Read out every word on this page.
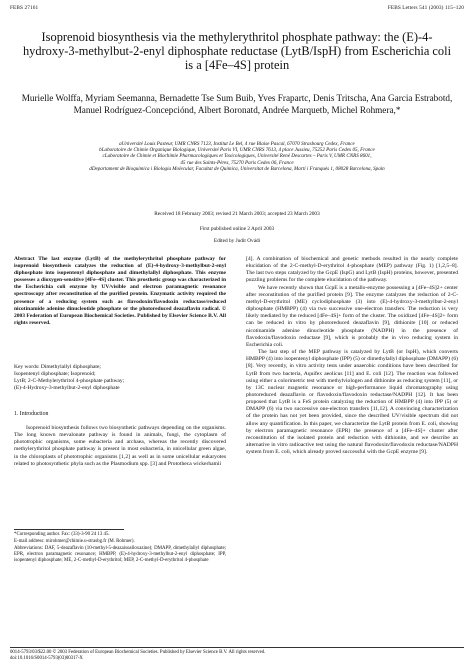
FEBS 27161	FEBS Letters 541 (2003) 115–120
Isoprenoid biosynthesis via the methylerythritol phosphate pathway: the (E)-4-hydroxy-3-methylbut-2-enyl diphosphate reductase (LytB/IspH) from Escherichia coli is a [4Fe–4S] protein
Murielle Wolffa, Myriam Seemanna, Bernadette Tse Sum Buib, Yves Frapartc, Denis Tritscha, Ana Garcia Estrabotd, Manuel Rodríguez-Concepciónd, Albert Boronatd, Andrée Marquetb, Michel Rohmera,*
aUniversité Louis Pasteur, UMR CNRS 7123, Institut Le Bel, 4 rue Blaise Pascal, 67070 Strasbourg Cedex, France
bLaboratoire de Chimie Organique Biologique, Université Paris VI, UMR CNRS 7613, 4 place Jussieu, 75252 Paris Cedex 05, France
cLaboratoire de Chimie et Biochimie Pharmacologiques et Toxicologiques, Université René Descartes – Paris V, UMR CNRS 8601,
45 rue des Saints-Pères, 75270 Paris Cedex 06, France
dDepartament de Bioquímica i Biologia Molecular, Facultat de Química, Universitat de Barcelona, Martí i Franquès 1, 08028 Barcelona, Spain
Received 18 February 2003; revised 21 March 2003; accepted 23 March 2003
First published online 2 April 2003
Edited by Judit Ovádi

Abstract The last enzyme (LytB) of the methylerythritol phosphate pathway for isoprenoid biosynthesis catalyzes the reduction of (E)-4-hydroxy-3-methylbut-2-enyl diphosphate into isopentenyl diphosphate and dimethylallyl diphosphate. This enzyme possesses a dioxygen-sensitive [4Fe–4S] cluster. This prosthetic group was characterized in the Escherichia coli enzyme by UV/visible and electron paramagnetic resonance spectroscopy after reconstitution of the purified protein. Enzymatic activity required the presence of a reducing system such as flavodoxin/flavodoxin reductase/reduced nicotinamide adenine dinucleotide phosphate or the photoreduced deazaflavin radical. © 2003 Federation of European Biochemical Societies. Published by Elsevier Science B.V. All rights reserved.

Key words: Dimethylallyl diphosphate;
Isopentenyl diphosphate; Isoprenoid;
LytB; 2-C-Methylerythritol 4-phosphate pathway;
(E)-4-Hydroxy-3-methylbut-2-enyl diphosphate
1. Introduction

Isoprenoid biosynthesis follows two biosynthetic pathways depending on the organisms. The long known mevalonate pathway is found in animals, fungi, the cytoplasm of phototrophic organisms, some eubacteria and archaea, whereas the recently discovered methylerythritol phosphate pathway is present in most eubacteria, in unicellular green algae, in the chloroplasts of phototrophic organisms [1,2] as well as in some unicellular eukaryotes related to photosynthetic phyla such as the Plasmodium spp. [3] and Prototheca wickerhamii

*Corresponding author. Fax: (33)-3-90 24 13 45.

E-mail address: mirohmer@chimie.u-strasbg.fr (M. Rohmer).

Abbreviations: DAF, 5-deazaflavin (10-methyl-5-deazaisoalloxazine); DMAPP, dimethylallyl diphosphate; EPR, electron paramagnetic resonance; HMBPP, (E)-4-hydroxy-3-methylbut-2-enyl diphosphate; IPP, isopentenyl diphosphate; ME, 2-C-methyl-D-erythritol; MEP, 2-C-methyl-D-erythritol 4-phosphate

[4]. A combination of biochemical and genetic methods resulted in the nearly complete elucidation of the 2-C-methyl-D-erythritol 4-phosphate (MEP) pathway (Fig. 1) [1,2,5–8]. The last two steps catalyzed by the GcpE (IspG) and LytB (IspH) proteins, however, presented puzzling problems for the complete elucidation of the pathway.

We have recently shown that GcpE is a metallo-enzyme possessing a [4Fe–4S]2+ center after reconstitution of the purified protein [9]. The enzyme catalyzes the reduction of 2-C-methyl-D-erythritol (ME) cyclodiphosphate (3) into (E)-4-hydroxy-3-methylbut-2-enyl diphosphate (HMBPP) (4) via two successive one-electron transfers. The reduction is very likely mediated by the reduced [4Fe–4S]+ form of the cluster. The oxidized [4Fe–4S]2+ form can be reduced in vitro by photoreduced deazaflavin [9], dithionite [10] or reduced nicotinamide adenine dinucleotide phosphate (NADPH) in the presence of flavodoxin/flavodoxin reductase [9], which is probably the in vivo reducing system in Escherichia coli.

The last step of the MEP pathway is catalyzed by LytB (or IspH), which converts HMBPP (4) into isopentenyl diphosphate (IPP) (5) or dimethylallyl diphosphate (DMAPP) (6) [8]. Very recently, in vitro activity tests under anaerobic conditions have been described for LytB from two bacteria, Aquifex aeolicus [11] and E. coli [12]. The reaction was followed using either a colorimetric test with methylviologen and dithionite as reducing system [11], or by 13C nuclear magnetic resonance or high-performance liquid chromatography using photoreduced deazaflavin or flavodoxin/flavodoxin reductase/NADPH [12]. It has been proposed that LytB is a FeS protein catalyzing the reduction of HMBPP (4) into IPP (5) or DMAPP (6) via two successive one-electron transfers [11,12]. A convincing characterization of the protein has not yet been provided, since the described UV/visible spectrum did not allow any quantification. In this paper, we characterize the LytB protein from E. coli, showing by electron paramagnetic resonance (EPR) the presence of a [4Fe–4S]+ cluster after reconstitution of the isolated protein and reduction with dithionite, and we describe an alternative in vitro radioactive test using the natural flavodoxin/flavodoxin reductase/NADPH system from E. coli, which already proved successful with the GcpE enzyme [9].

0014-5793/03/$22.00 © 2003 Federation of European Biochemical Societies. Published by Elsevier Science B.V. All rights reserved.
doi:10.1016/S0014-5793(03)00317-X
